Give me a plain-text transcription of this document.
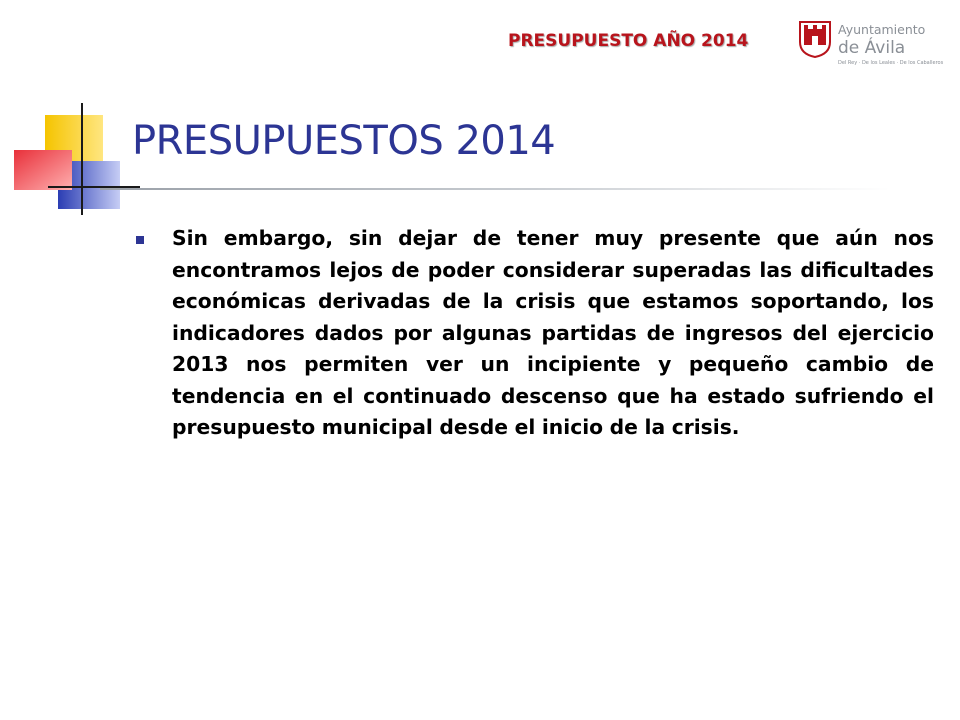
PRESUPUESTO AÑO 2014
Ayuntamiento
de Ávila
Del Rey · De los Leales · De los Caballeros
PRESUPUESTOS 2014
Sin embargo, sin dejar de tener muy presente que aún nos encontramos lejos de poder considerar superadas las dificultades económicas derivadas de la crisis que estamos soportando, los indicadores dados por algunas partidas de ingresos del ejercicio 2013 nos permiten ver un incipiente y pequeño cambio de tendencia en el continuado descenso que ha estado sufriendo el presupuesto municipal desde el inicio de la crisis.
